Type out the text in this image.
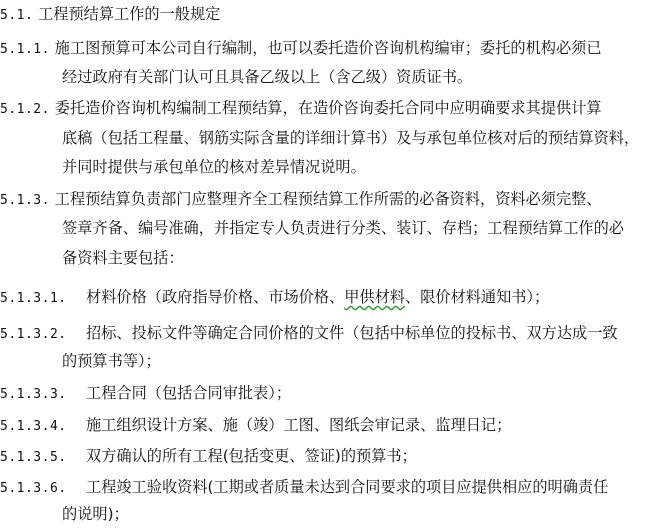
5.1. 工程预结算工作的一般规定
5.1.1. 施工图预算可本公司自行编制，也可以委托造价咨询机构编审；委托的机构必须已
经过政府有关部门认可且具备乙级以上（含乙级）资质证书。
5.1.2. 委托造价咨询机构编制工程预结算，在造价咨询委托合同中应明确要求其提供计算
底稿（包括工程量、钢筋实际含量的详细计算书）及与承包单位核对后的预结算资料，
并同时提供与承包单位的核对差异情况说明。
5.1.3. 工程预结算负责部门应整理齐全工程预结算工作所需的必备资料，资料必须完整、
签章齐备、编号准确，并指定专人负责进行分类、装订、存档；工程预结算工作的必
备资料主要包括：
5.1.3.1. 材料价格（政府指导价格、市场价格、甲供材料、限价材料通知书）；
5.1.3.2. 招标、投标文件等确定合同价格的文件（包括中标单位的投标书、双方达成一致
的预算书等）；
5.1.3.3. 工程合同（包括合同审批表）；
5.1.3.4. 施工组织设计方案、施（竣）工图、图纸会审记录、监理日记；
5.1.3.5. 双方确认的所有工程(包括变更、签证)的预算书；
5.1.3.6. 工程竣工验收资料(工期或者质量未达到合同要求的项目应提供相应的明确责任
的说明)；
